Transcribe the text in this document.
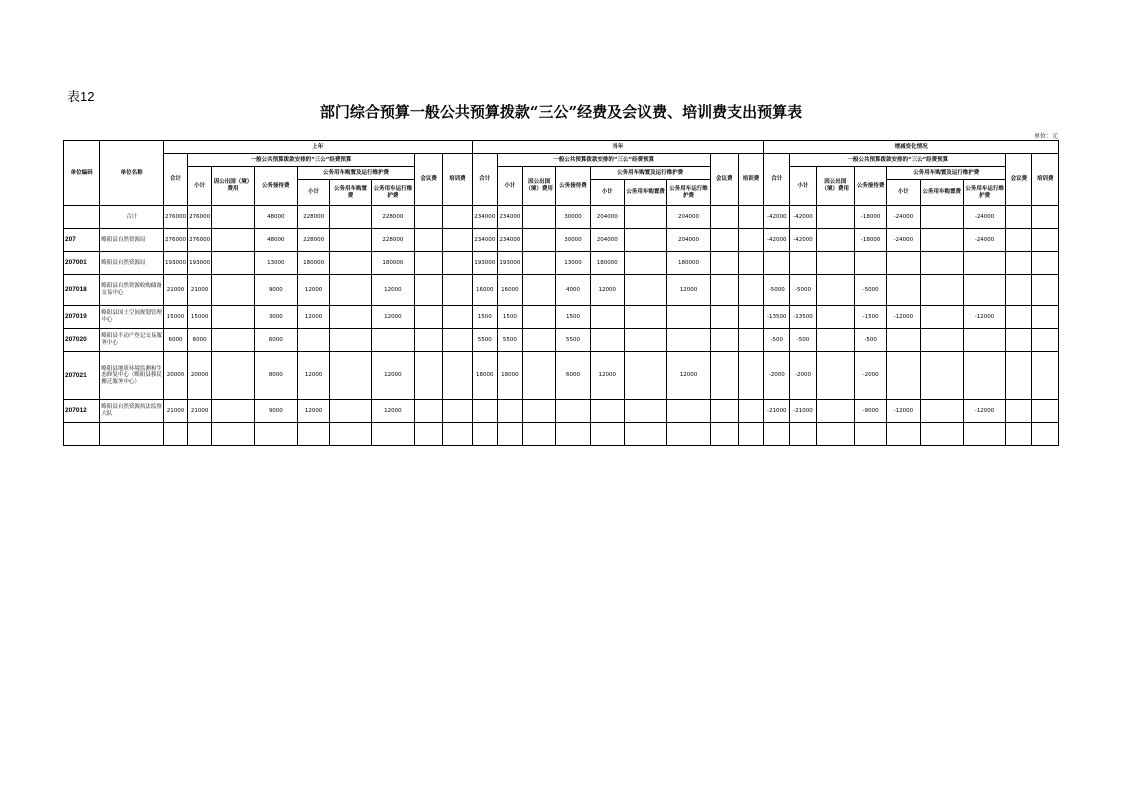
表12
部门综合预算一般公共预算拨款“三公”经费及会议费、培训费支出预算表
单位：元
单位编码	单位名称	上年									当年									增减变化情况								
		合计	一般公共预算拨款安排的“三公”经费预算						会议费	培训费	合计	一般公共预算拨款安排的“三公”经费预算						会议费	培训费	合计	一般公共预算拨款安排的“三公”经费预算						会议费	培训费
			小计	因公出国（境）费用	公务接待费	公务用车购置及运行维护费						小计	因公出国（境）费用	公务接待费	公务用车购置及运行维护费						小计	因公出国（境）费用	公务接待费	公务用车购置及运行维护费				
						小计	公务用车购置费	公务用车运行维护费							小计	公务用车购置费	公务用车运行维护费							小计	公务用车购置费	公务用车运行维护费		
	合计	276000	276000		48000	228000		228000			234000	234000		30000	204000		204000			-42000	-42000		-18000	-24000		-24000		
207	略阳县自然资源局	276000	276000		48000	228000		228000			234000	234000		30000	204000		204000			-42000	-42000		-18000	-24000		-24000		
207001	略阳县自然资源局	193000	193000		13000	180000		180000			193000	193000		13000	180000		180000											
207018	略阳县自然资源收购储备交易中心	21000	21000		9000	12000		12000			16000	16000		4000	12000		12000			-5000	-5000		-5000					
207019	略阳县国土空间规划管理中心	15000	15000		3000	12000		12000			1500	1500		1500						-13500	-13500		-1500	-12000		-12000		
207020	略阳县不动产登记交易服务中心	6000	6000		6000						5500	5500		5500						-500	-500		-500					
207021	略阳县地质环境监测和生态修复中心（略阳县移民搬迁服务中心）	20000	20000		8000	12000		12000			18000	18000		6000	12000		12000			-2000	-2000		-2000					
207012	略阳县自然资源执法监察大队	21000	21000		9000	12000		12000												-21000	-21000		-9000	-12000		-12000		
